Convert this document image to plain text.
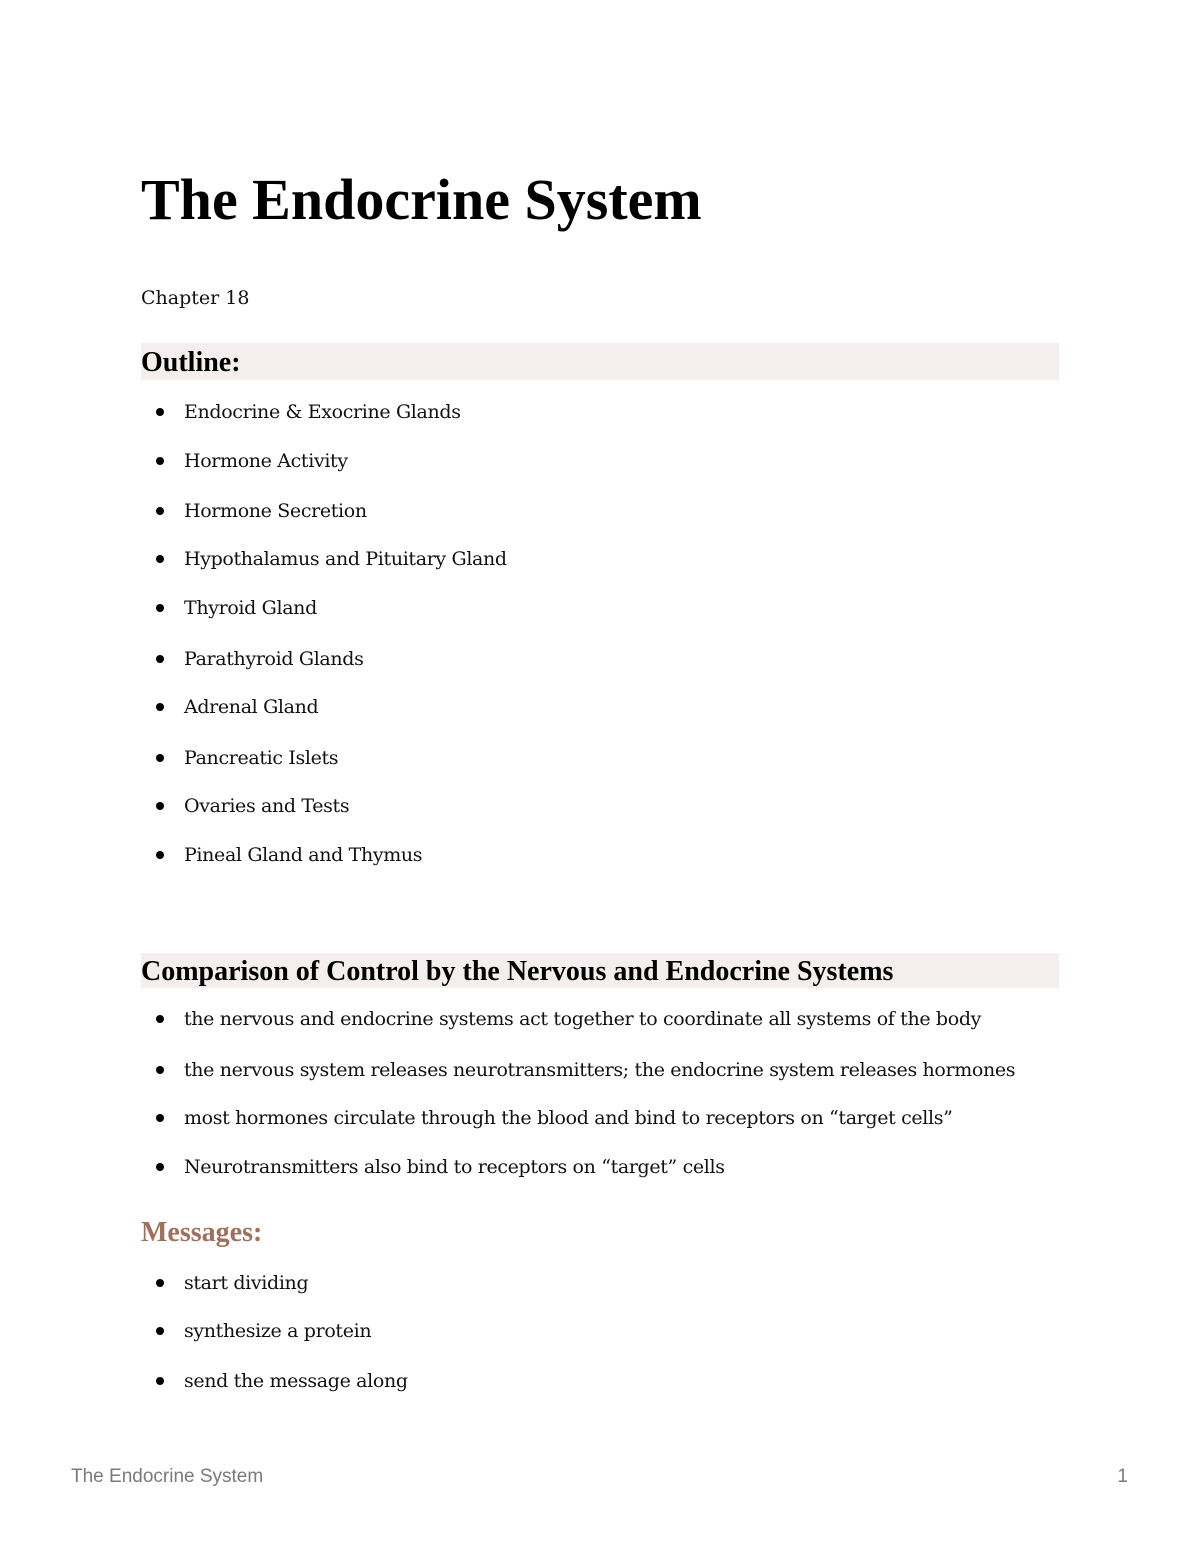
The Endocrine System

Chapter 18

Outline:
Endocrine & Exocrine Glands
Hormone Activity
Hormone Secretion
Hypothalamus and Pituitary Gland
Thyroid Gland
Parathyroid Glands
Adrenal Gland
Pancreatic Islets
Ovaries and Tests
Pineal Gland and Thymus
Comparison of Control by the Nervous and Endocrine Systems
the nervous and endocrine systems act together to coordinate all systems of the body
the nervous system releases neurotransmitters; the endocrine system releases hormones
most hormones circulate through the blood and bind to receptors on “target cells”
Neurotransmitters also bind to receptors on “target” cells
Messages:
start dividing
synthesize a protein
send the message along
The Endocrine System	1
